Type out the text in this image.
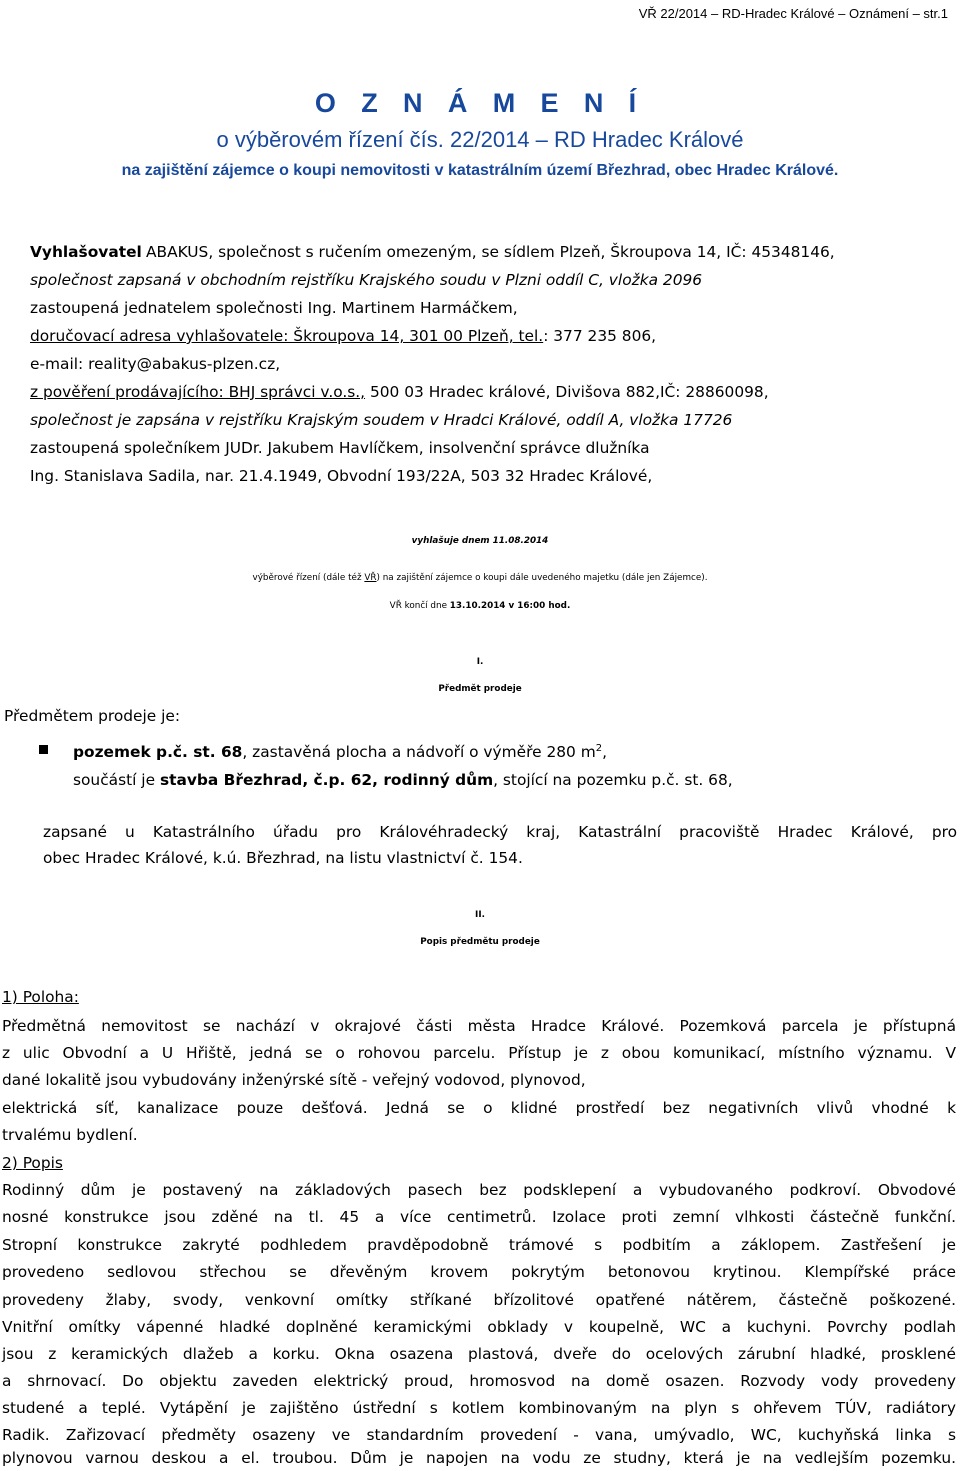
VŘ 22/2014 – RD-Hradec Králové – Oznámení – str.1
O Z N Á M E N Í
o výběrovém řízení čís. 22/2014 – RD Hradec Králové
na zajištění zájemce o koupi nemovitosti v katastrálním území Březhrad, obec Hradec Králové.
Vyhlašovatel ABAKUS, společnost s ručením omezeným, se sídlem Plzeň, Škroupova 14, IČ: 45348146,
společnost zapsaná v obchodním rejstříku Krajského soudu v Plzni oddíl C, vložka 2096
zastoupená jednatelem společnosti Ing. Martinem Harmáčkem,
doručovací adresa vyhlašovatele: Škroupova 14, 301 00 Plzeň, tel.: 377 235 806,
e-mail: reality@abakus-plzen.cz,
z pověření prodávajícího: BHJ správci v.o.s., 500 03 Hradec králové, Divišova 882,IČ: 28860098,
společnost je zapsána v rejstříku Krajským soudem v Hradci Králové, oddíl A, vložka 17726
zastoupená společníkem JUDr. Jakubem Havlíčkem, insolvenční správce dlužníka
Ing. Stanislava Sadila, nar. 21.4.1949, Obvodní 193/22A, 503 32 Hradec Králové,
vyhlašuje dnem 11.08.2014
výběrové řízení (dále též VŘ) na zajištění zájemce o koupi dále uvedeného majetku (dále jen Zájemce).
VŘ končí dne 13.10.2014 v 16:00 hod.
I.
Předmět prodeje
Předmětem prodeje je:
pozemek p.č. st. 68, zastavěná plocha a nádvoří o výměře 280 $m^2$,
součástí je stavba Březhrad, č.p. 62, rodinný dům, stojící na pozemku p.č. st. 68,
zapsané u Katastrálního úřadu pro Královéhradecký kraj, Katastrální pracoviště Hradec Králové, pro
obec Hradec Králové, k.ú. Březhrad, na listu vlastnictví č. 154.
II.
Popis předmětu prodeje
1) Poloha:
Předmětná nemovitost se nachází v okrajové části města Hradce Králové. Pozemková parcela je přístupná
z ulic Obvodní a U Hřiště, jedná se o rohovou parcelu. Přístup je z obou komunikací, místního významu. V
dané lokalitě jsou vybudovány inženýrské sítě - veřejný vodovod, plynovod,
elektrická síť, kanalizace pouze dešťová. Jedná se o klidné prostředí bez negativních vlivů vhodné k
trvalému bydlení.
2) Popis
Rodinný dům je postavený na základových pasech bez podsklepení a vybudovaného podkroví. Obvodové
nosné konstrukce jsou zděné na tl. 45 a více centimetrů. Izolace proti zemní vlhkosti částečně funkční.
Stropní konstrukce zakryté podhledem pravděpodobně trámové s podbitím a záklopem. Zastřešení je
provedeno sedlovou střechou se dřevěným krovem pokrytým betonovou krytinou. Klempířské práce
provedeny žlaby, svody, venkovní omítky stříkané břízolitové opatřené nátěrem, částečně poškozené.
Vnitřní omítky vápenné hladké doplněné keramickými obklady v koupelně, WC a kuchyni. Povrchy podlah
jsou z keramických dlažeb a korku. Okna osazena plastová, dveře do ocelových zárubní hladké, prosklené
a shrnovací. Do objektu zaveden elektrický proud, hromosvod na domě osazen. Rozvody vody provedeny
studené a teplé. Vytápění je zajištěno ústřední s kotlem kombinovaným na plyn s ohřevem TÚV, radiátory
Radik. Zařizovací předměty osazeny ve standardním provedení - vana, umývadlo, WC, kuchyňská linka s
plynovou varnou deskou a el. troubou. Dům je napojen na vodu ze studny, která je na vedlejším pozemku.
